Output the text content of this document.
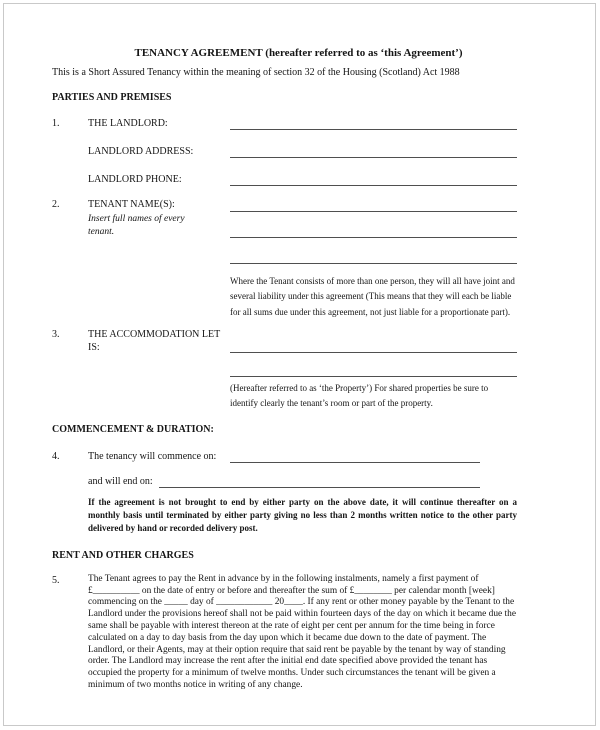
TENANCY AGREEMENT (hereafter referred to as ‘this Agreement’)
This is a Short Assured Tenancy within the meaning of section 32 of the Housing (Scotland) Act 1988
PARTIES AND PREMISES
1.	THE LANDLORD:
LANDLORD ADDRESS:
LANDLORD PHONE:
2.	TENANT NAME(S):
Insert full names of every tenant.
Where the Tenant consists of more than one person, they will all have joint and several liability under this agreement (This means that they will each be liable for all sums due under this agreement, not just liable for a proportionate part).
3.	THE ACCOMMODATION LET IS:
(Hereafter referred to as ‘the Property’) For shared properties be sure to identify clearly the tenant’s room or part of the property.
COMMENCEMENT & DURATION:
4.	The tenancy will commence on:
and will end on:
If the agreement is not brought to end by either party on the above date, it will continue thereafter on a monthly basis until terminated by either party giving no less than 2 months written notice to the other party delivered by hand or recorded delivery post.
RENT AND OTHER CHARGES
5.	The Tenant agrees to pay the Rent in advance by in the following instalments, namely a first payment of £__________ on the date of entry or before and thereafter the sum of £________ per calendar month [week] commencing on the _____ day of ____________ 20____. If any rent or other money payable by the Tenant to the Landlord under the provisions hereof shall not be paid within fourteen days of the day on which it became due the same shall be payable with interest thereon at the rate of eight per cent per annum for the time being in force calculated on a day to day basis from the day upon which it became due down to the date of payment. The Landlord, or their Agents, may at their option require that said rent be payable by the tenant by way of standing order. The Landlord may increase the rent after the initial end date specified above provided the tenant has occupied the property for a minimum of twelve months. Under such circumstances the tenant will be given a minimum of two months notice in writing of any change.
